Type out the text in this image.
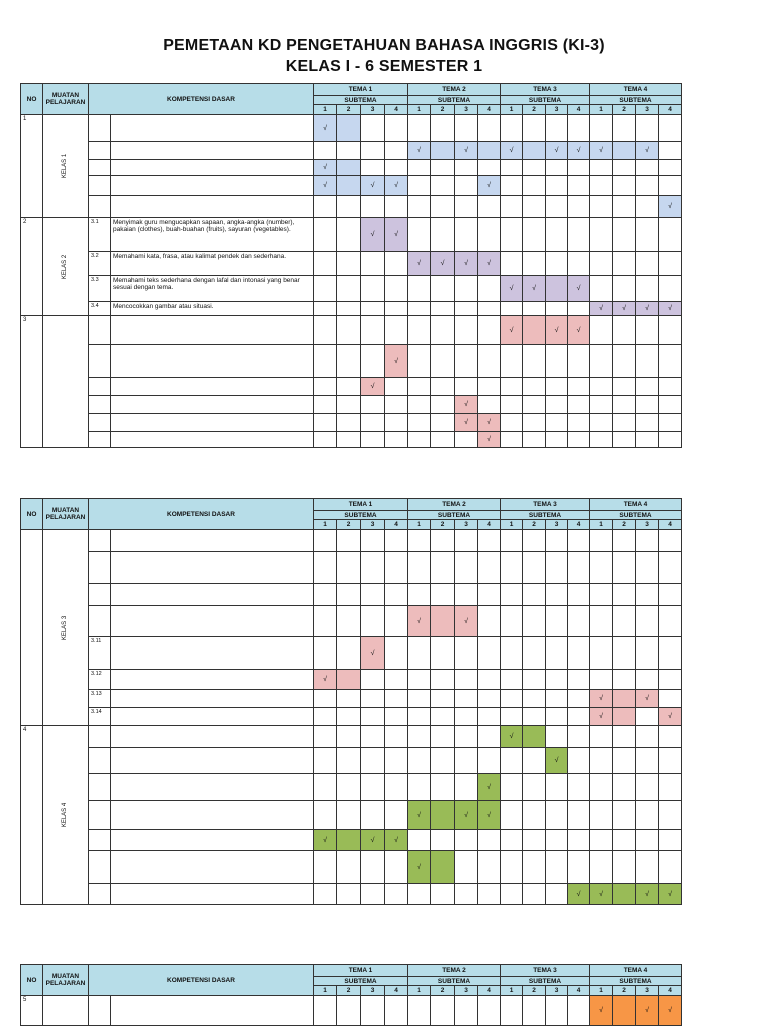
PEMETAAN KD PENGETAHUAN BAHASA INGGRIS (KI-3)
KELAS I - 6 SEMESTER 1
NO	MUATAN PELAJARAN	KOMPETENSI DASAR		TEMA 1				TEMA 2				TEMA 3				TEMA 4			
				SUBTEMA				SUBTEMA				SUBTEMA				SUBTEMA			
				1	2	3	4	1	2	3	4	1	2	3	4	1	2	3	4
1	KELAS 1			√															
								√		√		√		√	√	√		√	
				√															
				√		√	√				√								
																			√
2	KELAS 2	3.1	Menyimak guru mengucapkan sapaan, angka-angka (number), pakaian (clothes), buah-buahan (fruits), sayuran (vegetables).			√	√												
		3.2	Memahami kata, frasa, atau kalimat pendek dan sederhana.					√	√	√	√								
		3.3	Memahami teks sederhana dengan lafal dan intonasi yang benar sesuai dengan tema.									√	√		√				
		3.4	Mencocokkan gambar atau situasi.													√	√	√	√
3												√		√	√				
							√												
						√													
										√									
										√	√								
											√								
NO	MUATAN PELAJARAN	KOMPETENSI DASAR		TEMA 1				TEMA 2				TEMA 3				TEMA 4			
				SUBTEMA				SUBTEMA				SUBTEMA				SUBTEMA			
				1	2	3	4	1	2	3	4	1	2	3	4	1	2	3	4
	KELAS 3																		

								√		√									
		3.11				√													
		3.12		√															
		3.13														√		√	
		3.14														√			√
4	KELAS 4											√							
														√					
											√								
								√		√	√								
				√		√	√												
								√											
															√	√		√	√
NO	MUATAN PELAJARAN	KOMPETENSI DASAR		TEMA 1				TEMA 2				TEMA 3				TEMA 4			
				SUBTEMA				SUBTEMA				SUBTEMA				SUBTEMA			
				1	2	3	4	1	2	3	4	1	2	3	4	1	2	3	4
5																√		√	√
